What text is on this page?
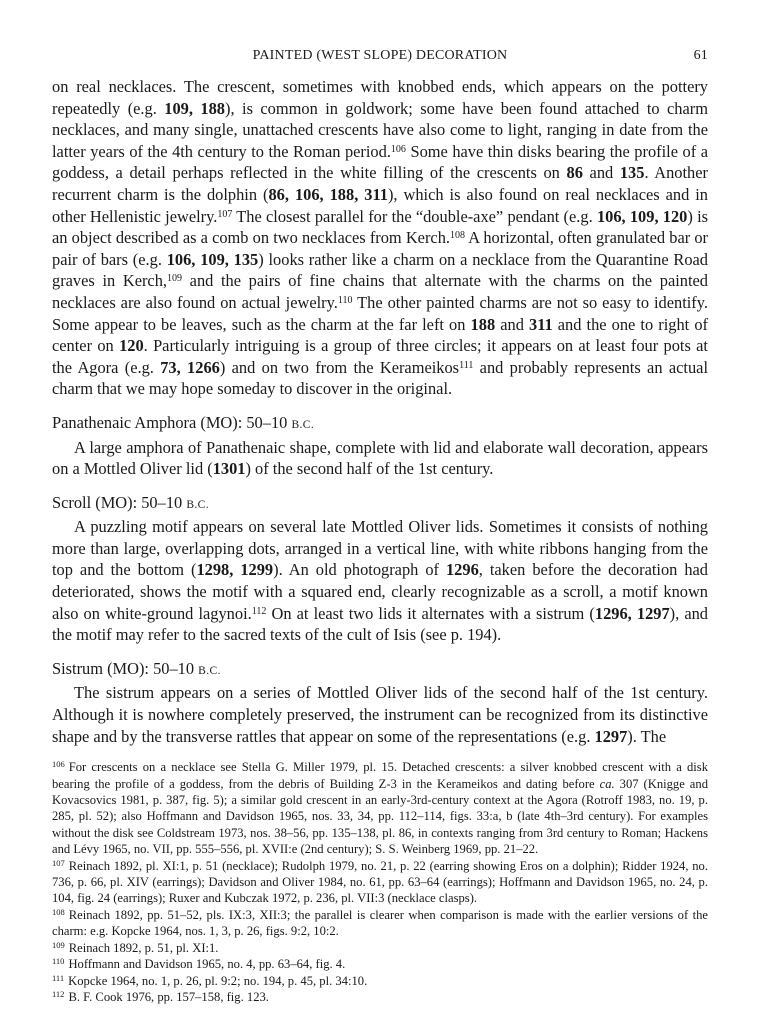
PAINTED (WEST SLOPE) DECORATION	61

on real necklaces. The crescent, sometimes with knobbed ends, which appears on the pottery repeatedly (e.g. 109, 188), is common in goldwork; some have been found attached to charm necklaces, and many single, unattached crescents have also come to light, ranging in date from the latter years of the 4th century to the Roman period.$^{106}$ Some have thin disks bearing the profile of a goddess, a detail perhaps reflected in the white filling of the crescents on 86 and 135. Another recurrent charm is the dolphin (86, 106, 188, 311), which is also found on real necklaces and in other Hellenistic jewelry.$^{107}$ The closest parallel for the “double-axe” pendant (e.g. 106, 109, 120) is an object described as a comb on two necklaces from Kerch.$^{108}$ A horizontal, often granulated bar or pair of bars (e.g. 106, 109, 135) looks rather like a charm on a necklace from the Quarantine Road graves in Kerch,$^{109}$ and the pairs of fine chains that alternate with the charms on the painted necklaces are also found on actual jewelry.$^{110}$ The other painted charms are not so easy to identify. Some appear to be leaves, such as the charm at the far left on 188 and 311 and the one to right of center on 120. Particularly intriguing is a group of three circles; it appears on at least four pots at the Agora (e.g. 73, 1266) and on two from the Kerameikos$^{111}$ and probably represents an actual charm that we may hope someday to discover in the original.

Panathenaic Amphora (MO): 50–10 B.C.

A large amphora of Panathenaic shape, complete with lid and elaborate wall decoration, appears on a Mottled Oliver lid (1301) of the second half of the 1st century.

Scroll (MO): 50–10 B.C.

A puzzling motif appears on several late Mottled Oliver lids. Sometimes it consists of nothing more than large, overlapping dots, arranged in a vertical line, with white ribbons hanging from the top and the bottom (1298, 1299). An old photograph of 1296, taken before the decoration had deteriorated, shows the motif with a squared end, clearly recognizable as a scroll, a motif known also on white-ground lagynoi.$^{112}$ On at least two lids it alternates with a sistrum (1296, 1297), and the motif may refer to the sacred texts of the cult of Isis (see p. 194).

Sistrum (MO): 50–10 B.C.

The sistrum appears on a series of Mottled Oliver lids of the second half of the 1st century. Although it is nowhere completely preserved, the instrument can be recognized from its distinctive shape and by the transverse rattles that appear on some of the representations (e.g. 1297). The

$^{106}$ For crescents on a necklace see Stella G. Miller 1979, pl. 15. Detached crescents: a silver knobbed crescent with a disk bearing the profile of a goddess, from the debris of Building Z-3 in the Kerameikos and dating before ca. 307 (Knigge and Kovacsovics 1981, p. 387, fig. 5); a similar gold crescent in an early-3rd-century context at the Agora (Rotroff 1983, no. 19, p. 285, pl. 52); also Hoffmann and Davidson 1965, nos. 33, 34, pp. 112–114, figs. 33:a, b (late 4th–3rd century). For examples without the disk see Coldstream 1973, nos. 38–56, pp. 135–138, pl. 86, in contexts ranging from 3rd century to Roman; Hackens and Lévy 1965, no. VII, pp. 555–556, pl. XVII:e (2nd century); S. S. Weinberg 1969, pp. 21–22.

$^{107}$ Reinach 1892, pl. XI:1, p. 51 (necklace); Rudolph 1979, no. 21, p. 22 (earring showing Eros on a dolphin); Ridder 1924, no. 736, p. 66, pl. XIV (earrings); Davidson and Oliver 1984, no. 61, pp. 63–64 (earrings); Hoffmann and Davidson 1965, no. 24, p. 104, fig. 24 (earrings); Ruxer and Kubczak 1972, p. 236, pl. VII:3 (necklace clasps).

$^{108}$ Reinach 1892, pp. 51–52, pls. IX:3, XII:3; the parallel is clearer when comparison is made with the earlier versions of the charm: e.g. Kopcke 1964, nos. 1, 3, p. 26, figs. 9:2, 10:2.

$^{109}$ Reinach 1892, p. 51, pl. XI:1.

$^{110}$ Hoffmann and Davidson 1965, no. 4, pp. 63–64, fig. 4.

$^{111}$ Kopcke 1964, no. 1, p. 26, pl. 9:2; no. 194, p. 45, pl. 34:10.

$^{112}$ B. F. Cook 1976, pp. 157–158, fig. 123.
